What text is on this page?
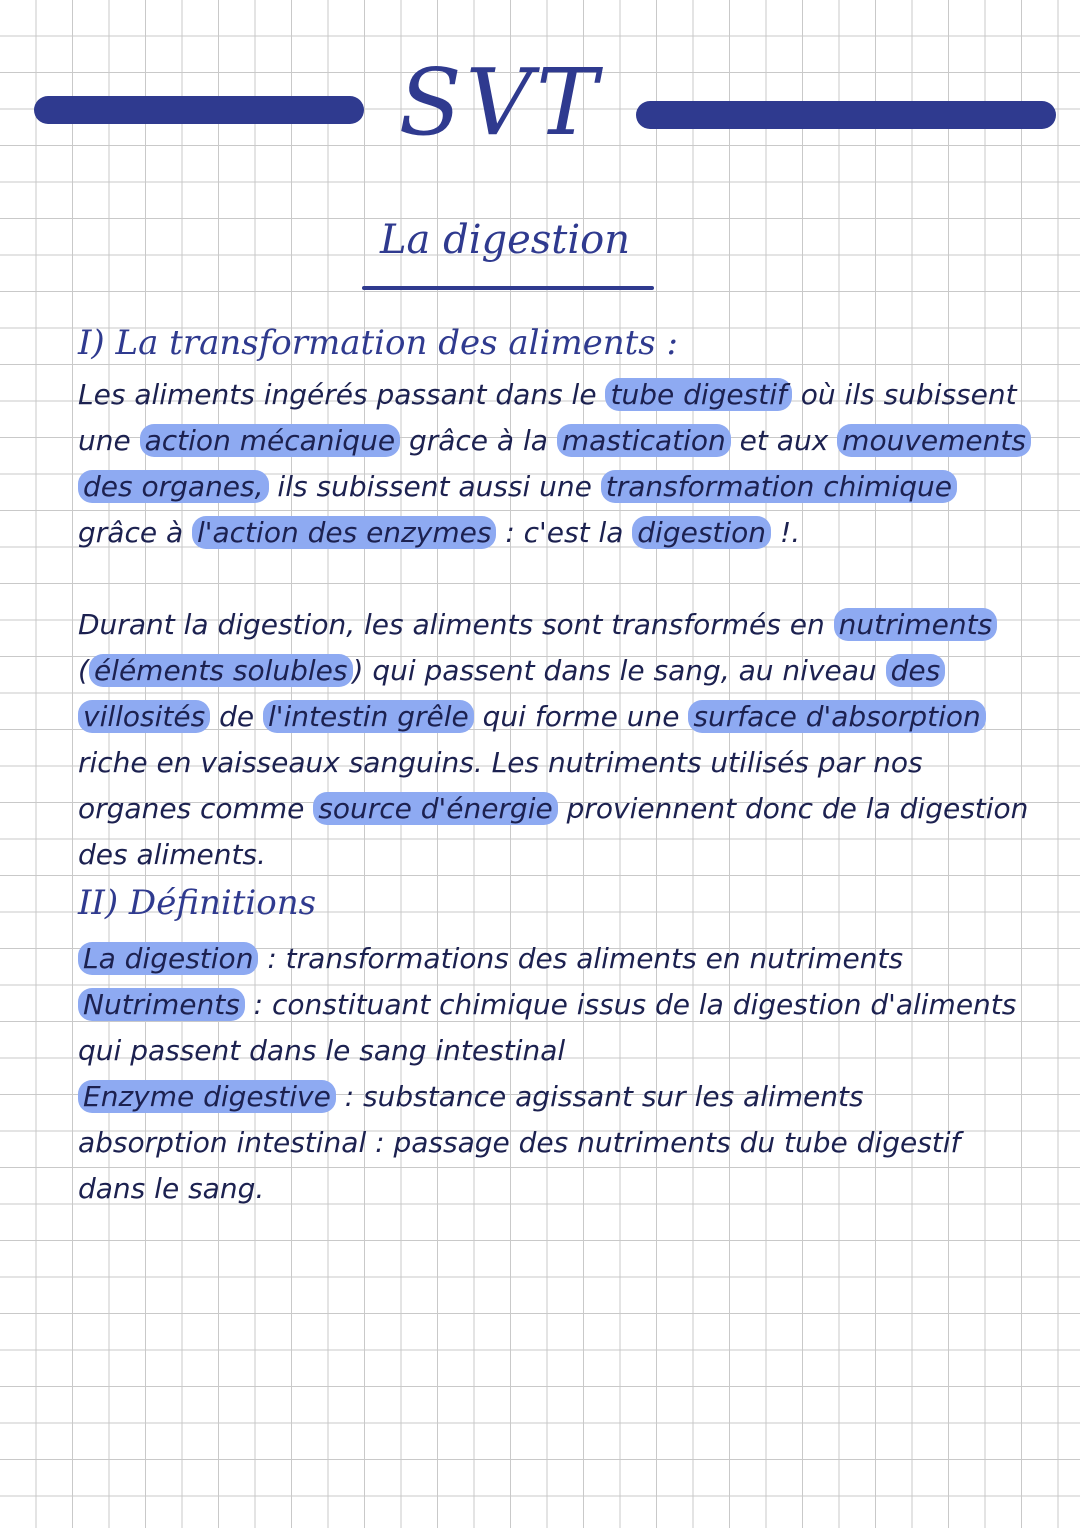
SVT
La digestion
I) La transformation des aliments :
Les aliments ingérés passant dans le tube digestif où ils subissent une action mécanique grâce à la mastication et aux mouvements des organes, ils subissent aussi une transformation chimique grâce à l'action des enzymes : c'est la digestion !.
Durant la digestion, les aliments sont transformés en nutriments ( éléments solubles ) qui passent dans le sang, au niveau des villosités de l'intestin grêle qui forme une surface d'absorption riche en vaisseaux sanguins. Les nutriments utilisés par nos organes comme source d'énergie proviennent donc de la digestion des aliments.
II) Définitions
La digestion : transformations des aliments en nutriments
Nutriments : constituant chimique issus de la digestion d'aliments
qui passent dans le sang intestinal
Enzyme digestive : substance agissant sur les aliments
absorption intestinal : passage des nutriments du tube digestif
dans le sang.
